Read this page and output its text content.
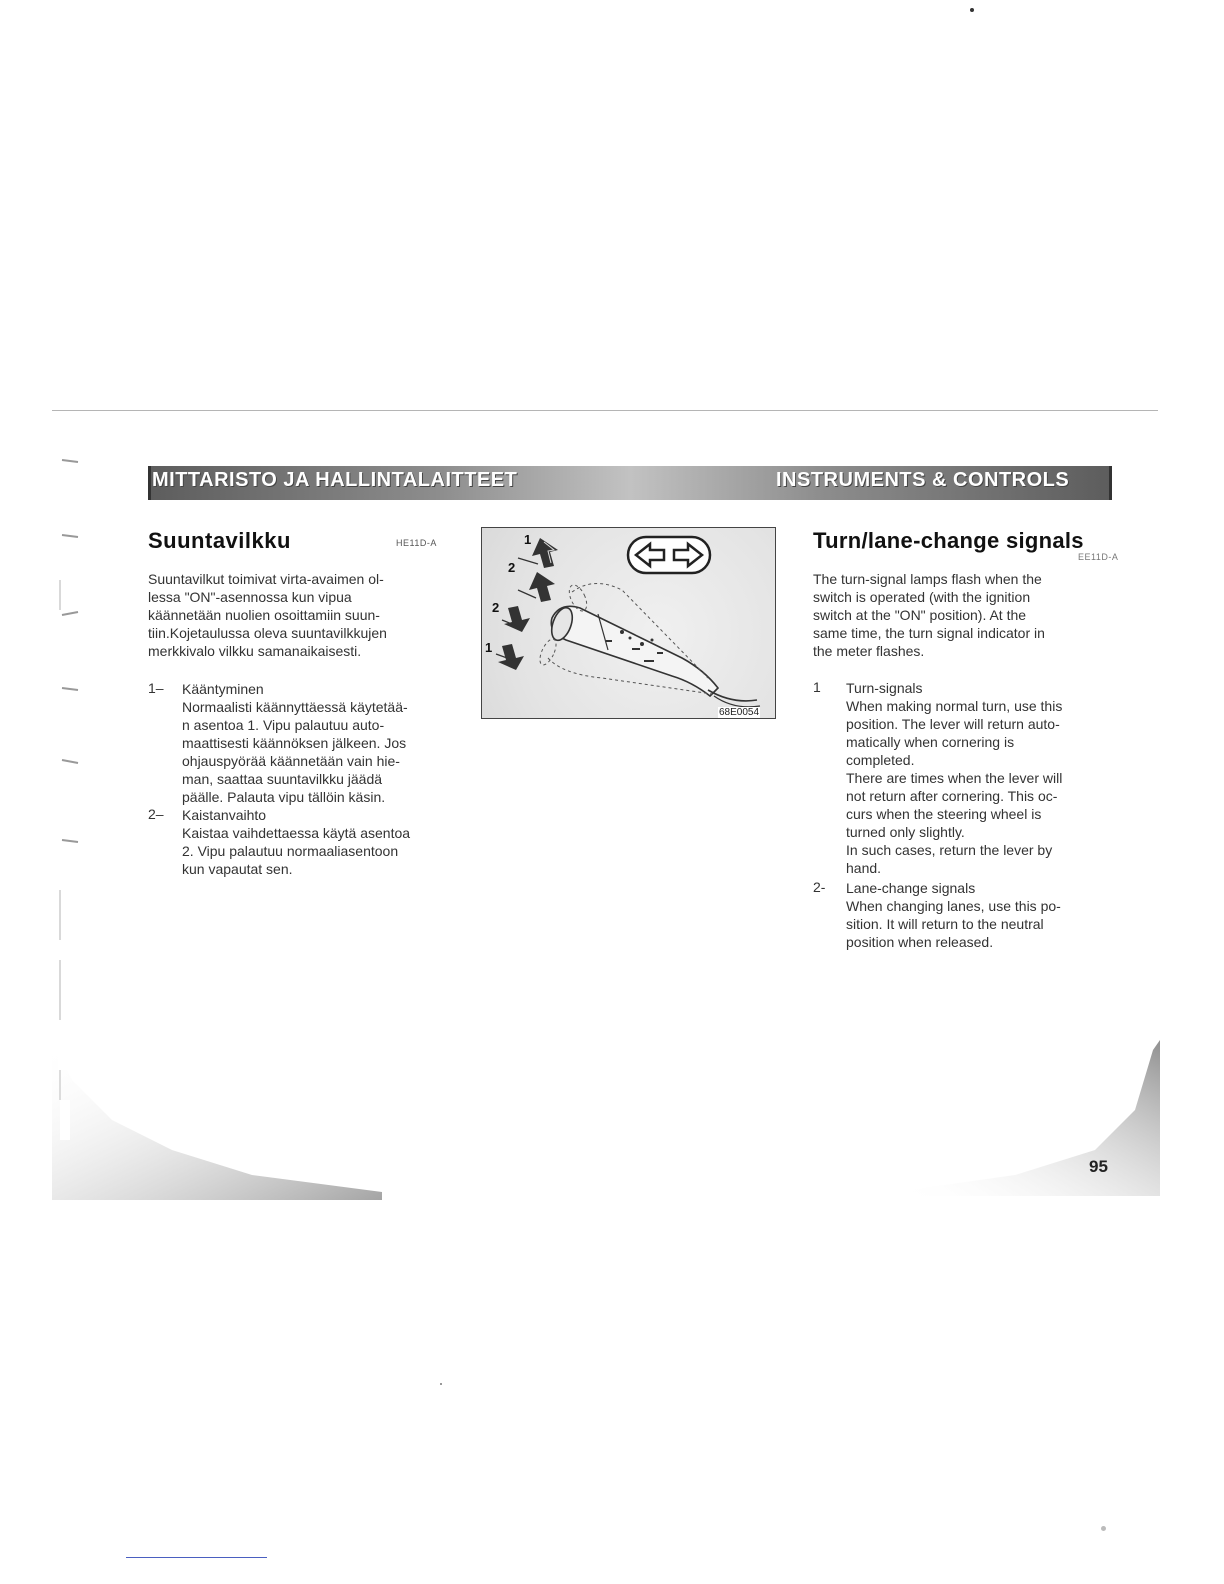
MITTARISTO JA HALLINTALAITTEET	INSTRUMENTS & CONTROLS
Suuntavilkku	HE11D-A
Suuntavilkut toimivat virta-avaimen ol-
lessa "ON"-asennossa kun vipua
käännetään nuolien osoittamiin suun-
tiin.Kojetaulussa oleva suuntavilkkujen
merkkivalo vilkku samanaikaisesti.
1– Kääntyminen
Normaalisti käännyttäessä käytetää-
n asentoa 1. Vipu palautuu auto-
maattisesti käännöksen jälkeen. Jos
ohjauspyörää käännetään vain hie-
man, saattaa suuntavilkku jäädä
päälle. Palauta vipu tällöin käsin.
2– Kaistanvaihto
Kaistaa vaihdettaessa käytä asentoa
2. Vipu palautuu normaaliasentoon
kun vapautat sen.
1
2
2
1
68E0054
Turn/lane-change signals
EE11D-A
The turn-signal lamps flash when the
switch is operated (with the ignition
switch at the "ON" position). At the
same time, the turn signal indicator in
the meter flashes.
1 Turn-signals
When making normal turn, use this
position. The lever will return auto-
matically when cornering is
completed.
There are times when the lever will
not return after cornering. This oc-
curs when the steering wheel is
turned only slightly.
In such cases, return the lever by
hand.
2- Lane-change signals
When changing lanes, use this po-
sition. It will return to the neutral
position when released.
95
